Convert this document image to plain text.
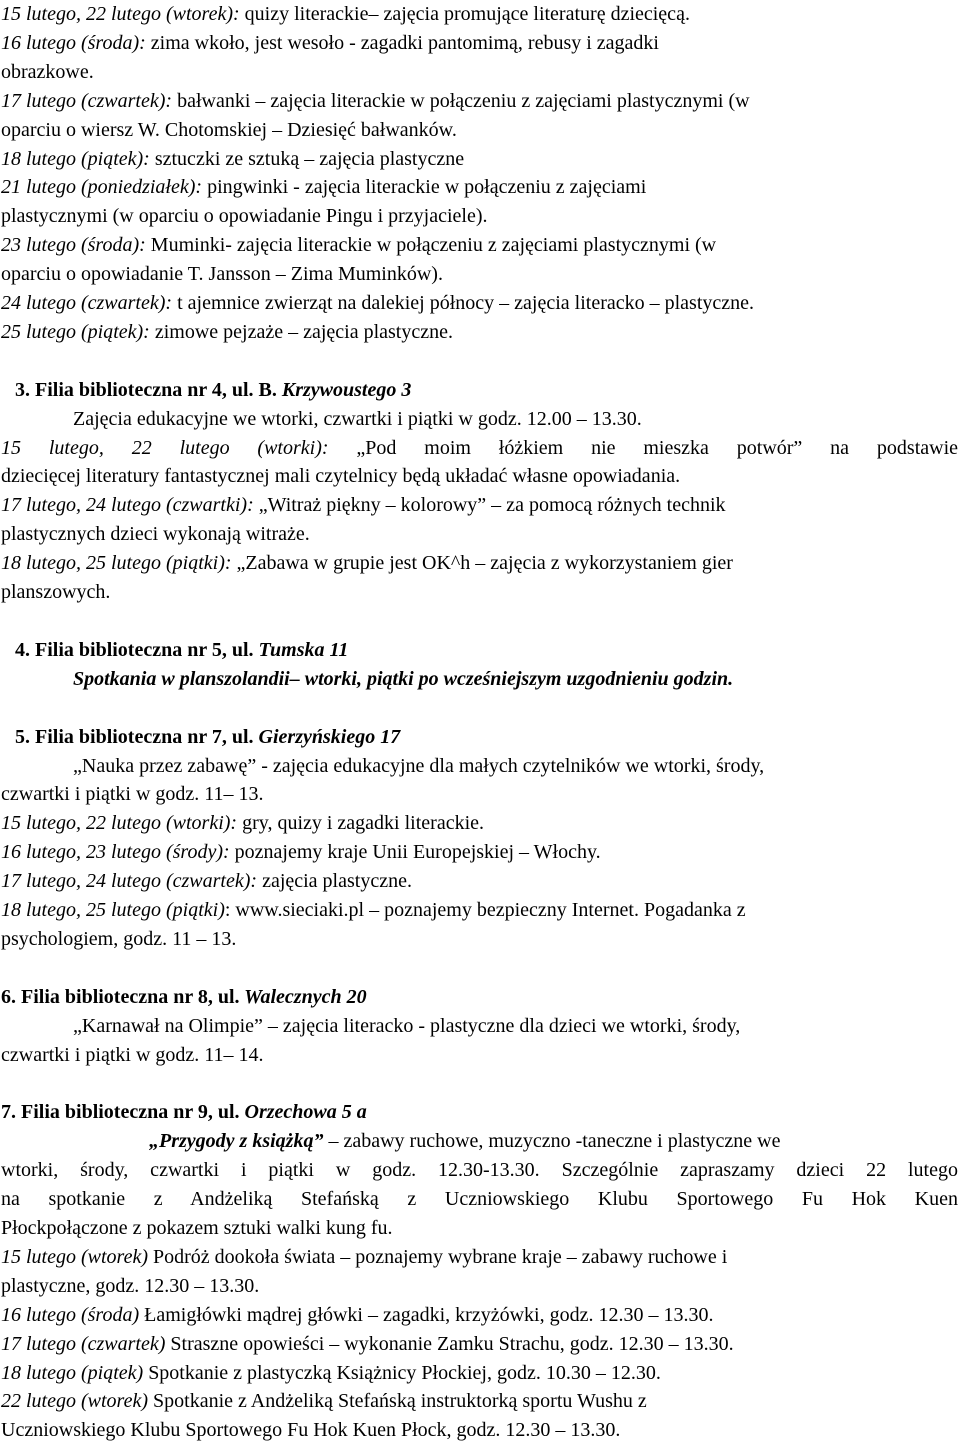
15 lutego, 22 lutego (wtorek): quizy literackie– zajęcia promujące literaturę dziecięcą.
16 lutego (środa): zima wkoło, jest wesoło - zagadki pantomimą, rebusy i zagadki
obrazkowe.
17 lutego (czwartek): bałwanki – zajęcia literackie w połączeniu z zajęciami plastycznymi (w
oparciu o wiersz W. Chotomskiej – Dziesięć bałwanków.
18 lutego (piątek): sztuczki ze sztuką – zajęcia plastyczne
21 lutego (poniedziałek): pingwinki - zajęcia literackie w połączeniu z zajęciami
plastycznymi (w oparciu o opowiadanie Pingu i przyjaciele).
23 lutego (środa): Muminki- zajęcia literackie w połączeniu z zajęciami plastycznymi (w
oparciu o opowiadanie T. Jansson – Zima Muminków).
24 lutego (czwartek): t ajemnice zwierząt na dalekiej północy – zajęcia literacko – plastyczne.
25 lutego (piątek): zimowe pejzaże – zajęcia plastyczne.
3. Filia biblioteczna nr 4, ul. B. Krzywoustego 3
Zajęcia edukacyjne we wtorki, czwartki i piątki w godz. 12.00 – 13.30.
15 lutego, 22 lutego (wtorki): „Pod moim łóżkiem nie mieszka potwór” na podstawie
dziecięcej literatury fantastycznej mali czytelnicy będą układać własne opowiadania.
17 lutego, 24 lutego (czwartki): „Witraż piękny – kolorowy” – za pomocą różnych technik
plastycznych dzieci wykonają witraże.
18 lutego, 25 lutego (piątki): „Zabawa w grupie jest OK^h – zajęcia z wykorzystaniem gier
planszowych.
4. Filia biblioteczna nr 5, ul. Tumska 11
Spotkania w planszolandii– wtorki, piątki po wcześniejszym uzgodnieniu godzin.
5. Filia biblioteczna nr 7, ul. Gierzyńskiego 17
„Nauka przez zabawę” - zajęcia edukacyjne dla małych czytelników we wtorki, środy,
czwartki i piątki w godz. 11– 13.
15 lutego, 22 lutego (wtorki): gry, quizy i zagadki literackie.
16 lutego, 23 lutego (środy): poznajemy kraje Unii Europejskiej – Włochy.
17 lutego, 24 lutego (czwartek): zajęcia plastyczne.
18 lutego, 25 lutego (piątki): www.sieciaki.pl – poznajemy bezpieczny Internet. Pogadanka z
psychologiem, godz. 11 – 13.
6. Filia biblioteczna nr 8, ul. Walecznych 20
„Karnawał na Olimpie” – zajęcia literacko - plastyczne dla dzieci we wtorki, środy,
czwartki i piątki w godz. 11– 14.
7. Filia biblioteczna nr 9, ul. Orzechowa 5 a
„Przygody z książką” – zabawy ruchowe, muzyczno -taneczne i plastyczne we
wtorki, środy, czwartki i piątki w godz. 12.30-13.30. Szczególnie zapraszamy dzieci 22 lutego
na spotkanie z Andżeliką Stefańską z Uczniowskiego Klubu Sportowego Fu Hok Kuen
Płockpołączone z pokazem sztuki walki kung fu.
15 lutego (wtorek) Podróż dookoła świata – poznajemy wybrane kraje – zabawy ruchowe i
plastyczne, godz. 12.30 – 13.30.
16 lutego (środa) Łamigłówki mądrej główki – zagadki, krzyżówki, godz. 12.30 – 13.30.
17 lutego (czwartek) Straszne opowieści – wykonanie Zamku Strachu, godz. 12.30 – 13.30.
18 lutego (piątek) Spotkanie z plastyczką Książnicy Płockiej, godz. 10.30 – 12.30.
22 lutego (wtorek) Spotkanie z Andżeliką Stefańską instruktorką sportu Wushu z
Uczniowskiego Klubu Sportowego Fu Hok Kuen Płock, godz. 12.30 – 13.30.
